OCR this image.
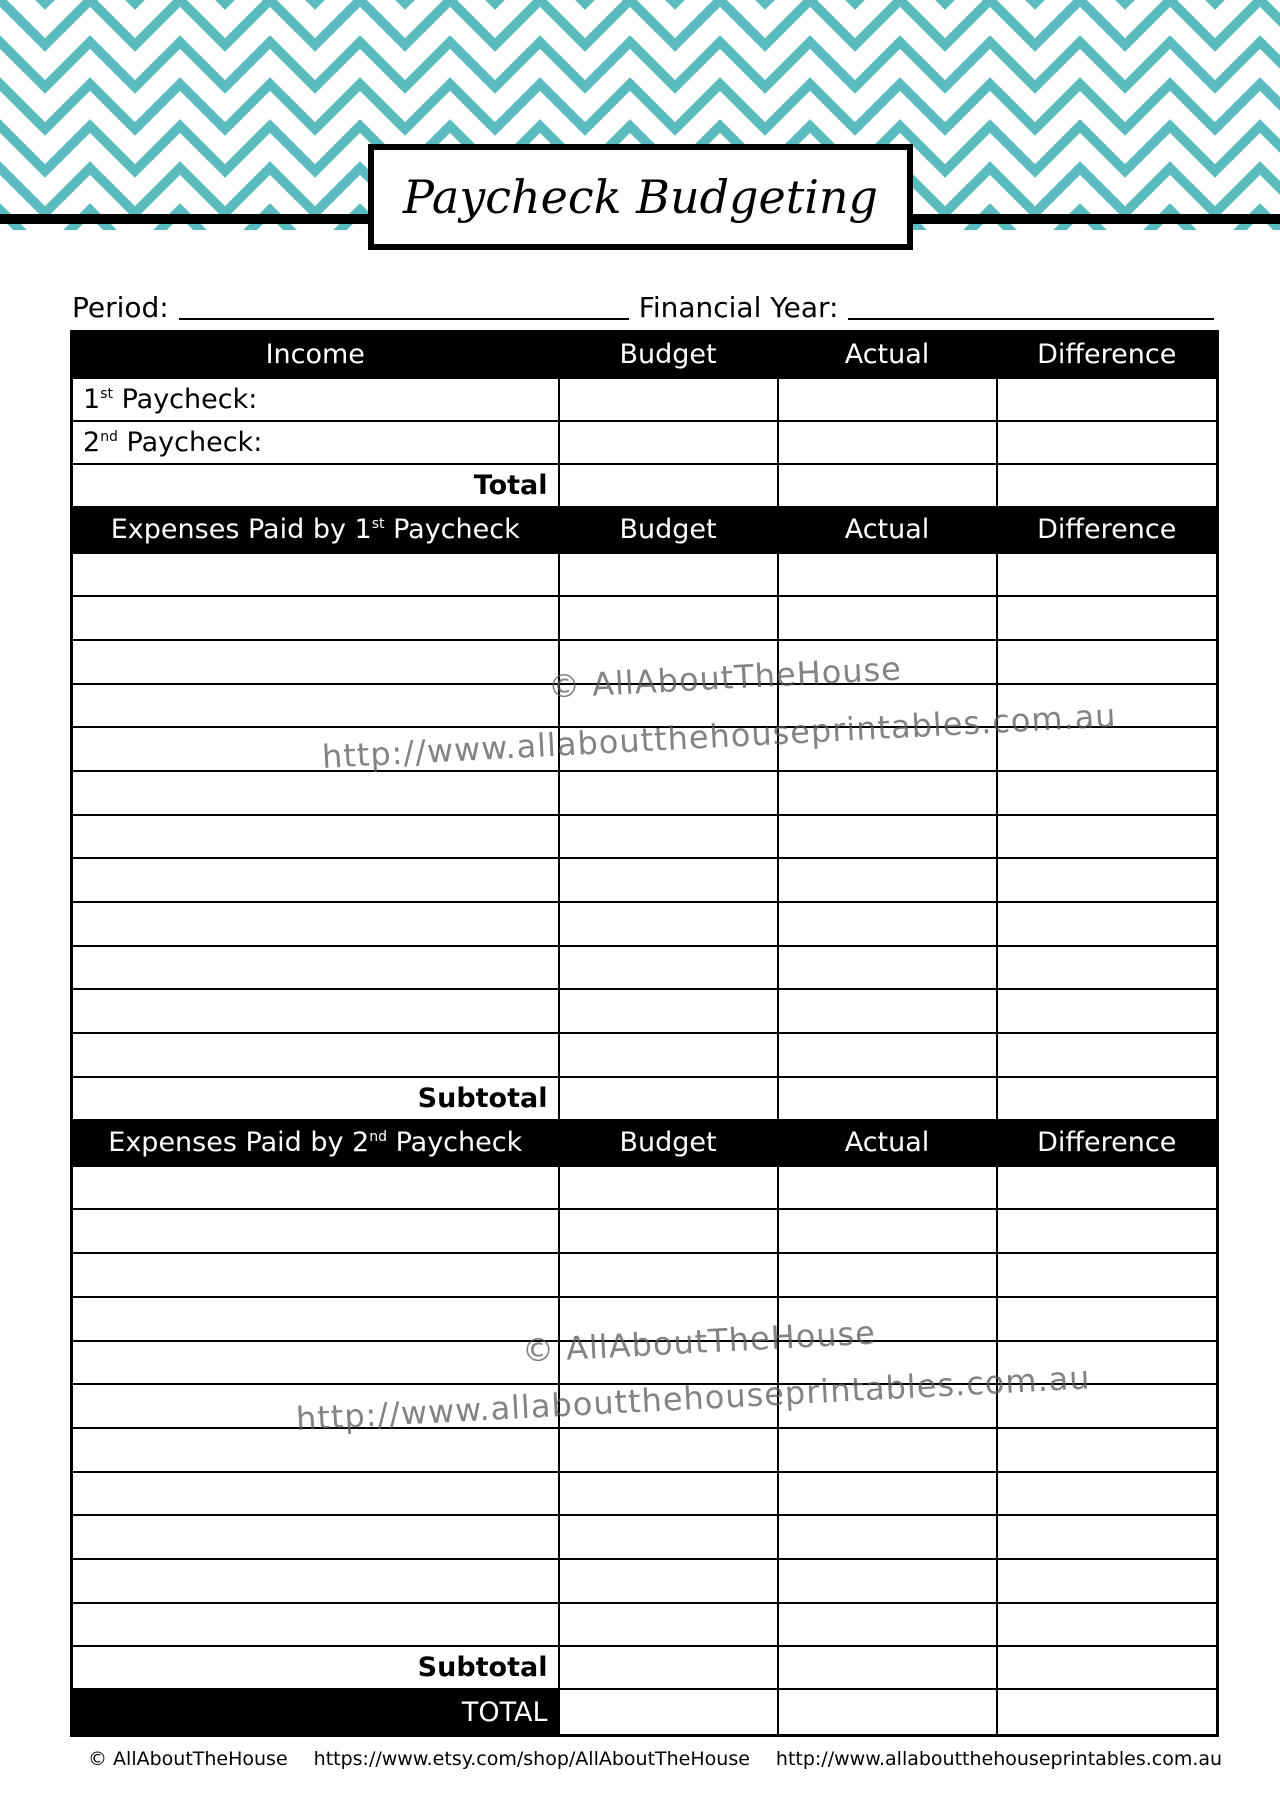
Paycheck Budgeting
Period:	Financial Year:
Income	Budget	Actual	Difference
1st Paycheck:			
2nd Paycheck:			
Total			
Expenses Paid by 1st Paycheck	Budget	Actual	Difference

Subtotal			
Expenses Paid by 2nd Paycheck	Budget	Actual	Difference

Subtotal			
TOTAL			
© AllAboutTheHouse
http://www.allaboutthehouseprintables.com.au
© AllAboutTheHouse
http://www.allaboutthehouseprintables.com.au
© AllAboutTheHouse https://www.etsy.com/shop/AllAboutTheHouse http://www.allaboutthehouseprintables.com.au
